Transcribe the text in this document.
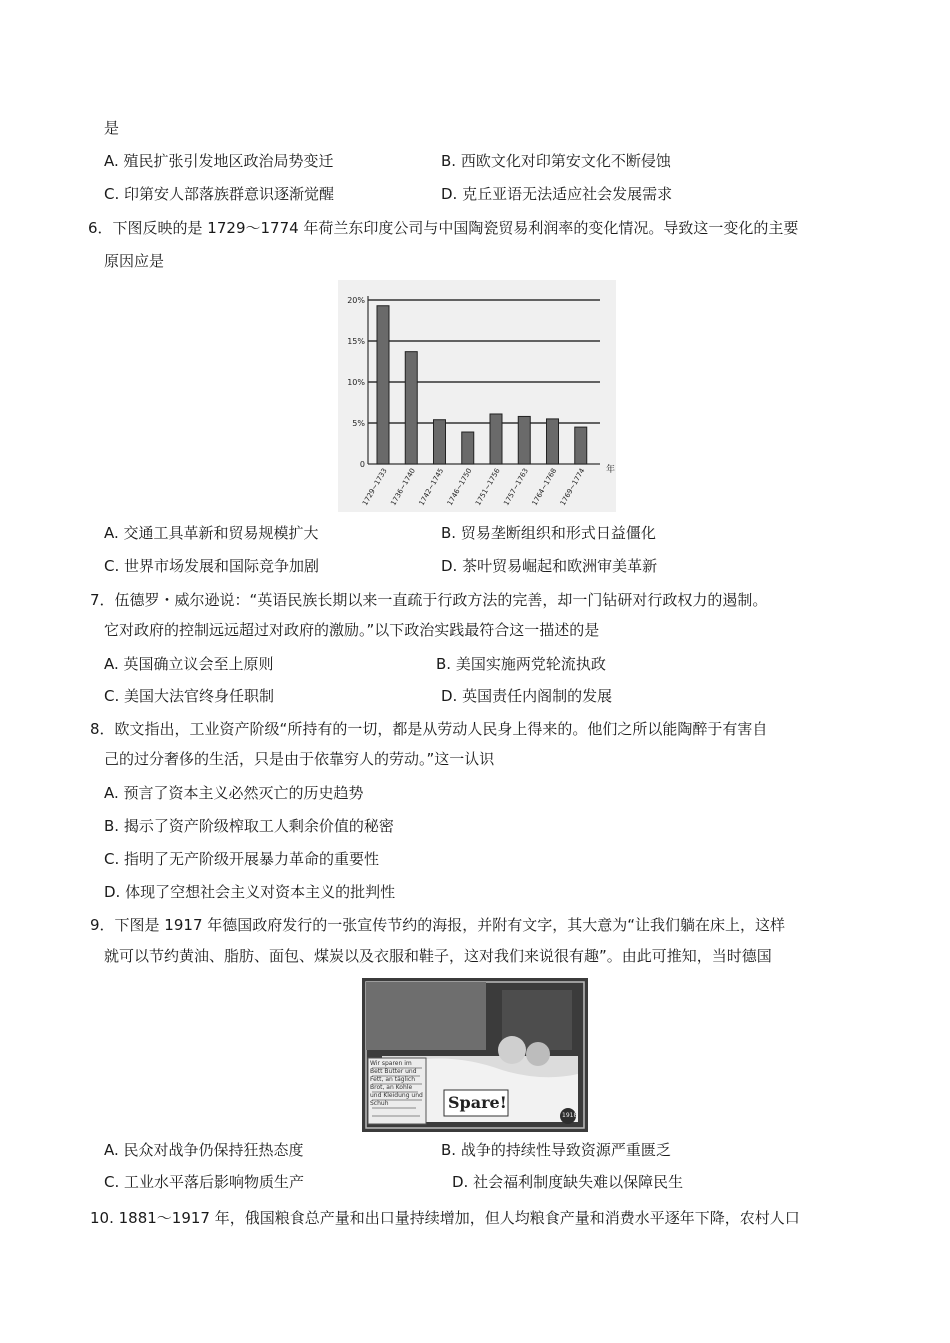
是
A. 殖民扩张引发地区政治局势变迁	B. 西欧文化对印第安文化不断侵蚀
C. 印第安人部落族群意识逐渐觉醒	D. 克丘亚语无法适应社会发展需求
6．下图反映的是 1729～1774 年荷兰东印度公司与中国陶瓷贸易利润率的变化情况。导致这一变化的主要
原因应是
0
5%
10%
15%
20%
1729~1733 1736~1740 1742~1745 1746~1750 1751~1756 1757~1763 1764~1768 1769~1774 年
A. 交通工具革新和贸易规模扩大	B. 贸易垄断组织和形式日益僵化
C. 世界市场发展和国际竞争加剧	D. 茶叶贸易崛起和欧洲审美革新
7．伍德罗・威尔逊说：“英语民族长期以来一直疏于行政方法的完善，却一门钻研对行政权力的遏制。
它对政府的控制远远超过对政府的激励。”以下政治实践最符合这一描述的是
A. 英国确立议会至上原则	B. 美国实施两党轮流执政
C. 美国大法官终身任职制	D. 英国责任内阁制的发展
8．欧文指出，工业资产阶级“所持有的一切，都是从劳动人民身上得来的。他们之所以能陶醉于有害自
己的过分奢侈的生活，只是由于依靠穷人的劳动。”这一认识
A. 预言了资本主义必然灭亡的历史趋势
B. 揭示了资产阶级榨取工人剩余价值的秘密
C. 指明了无产阶级开展暴力革命的重要性
D. 体现了空想社会主义对资本主义的批判性
9．下图是 1917 年德国政府发行的一张宣传节约的海报，并附有文字，其大意为“让我们躺在床上，这样
就可以节约黄油、脂肪、面包、煤炭以及衣服和鞋子，这对我们来说很有趣”。由此可推知，当时德国
Spare!
Wir sparen im Bett Butter und Fett, an täglich Brot, an Kohle und Kleidung und Schuh
1918
A. 民众对战争仍保持狂热态度	B. 战争的持续性导致资源严重匮乏
C. 工业水平落后影响物质生产	D. 社会福利制度缺失难以保障民生
10. 1881～1917 年，俄国粮食总产量和出口量持续增加，但人均粮食产量和消费水平逐年下降，农村人口
